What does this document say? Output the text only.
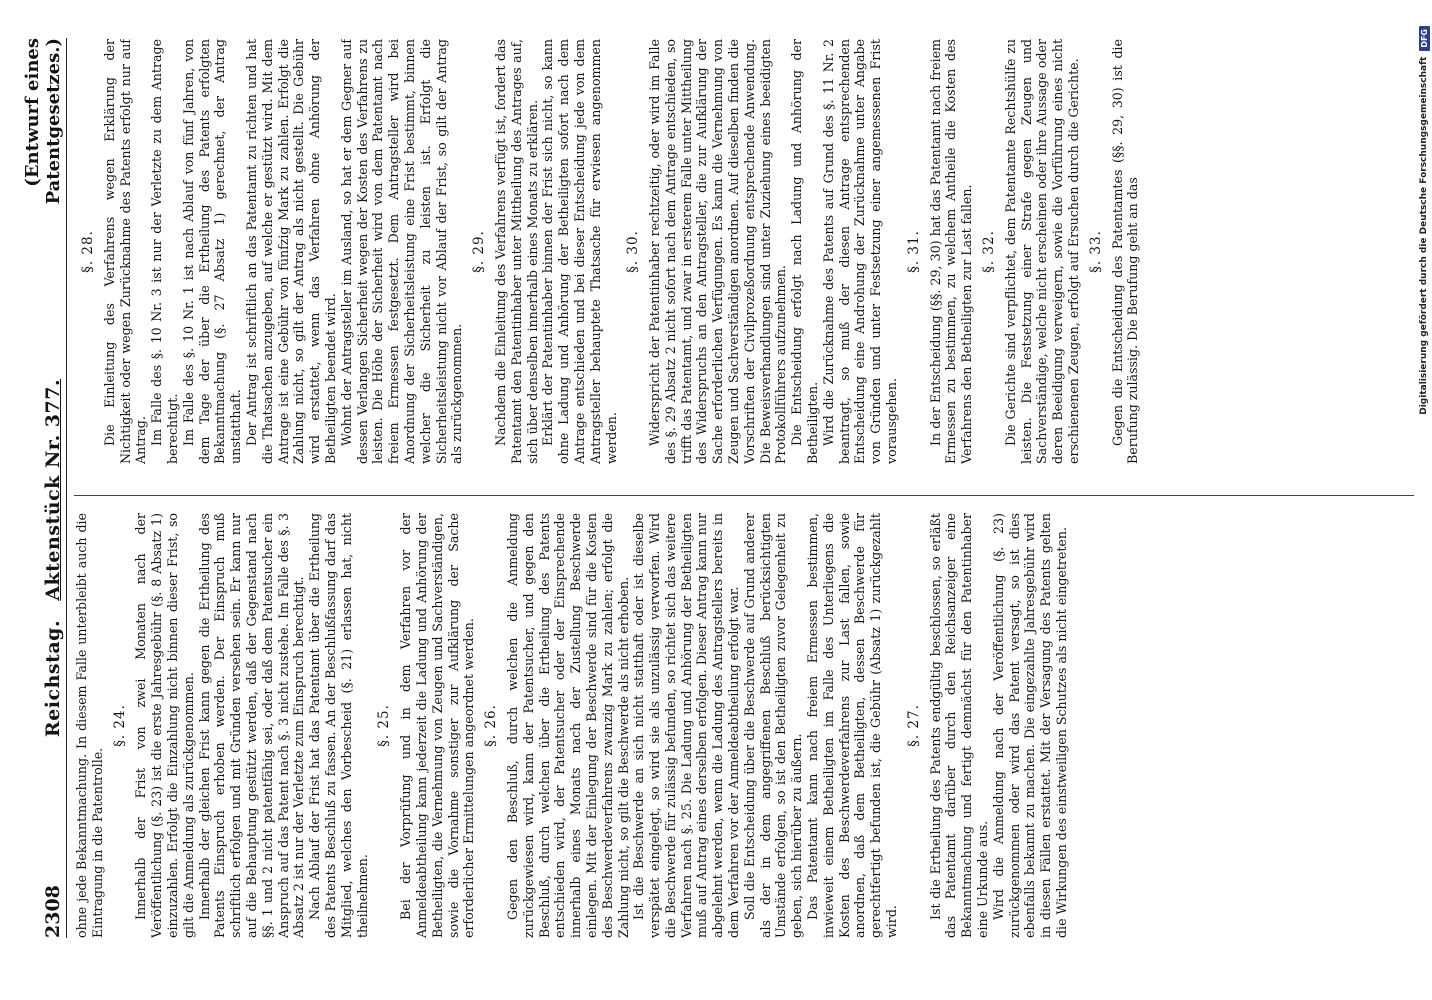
2308
Reichstag. Aktenstück Nr. 377.
(Entwurf eines Patentgesetzes.)

ohne jede Bekanntmachung. In diesem Falle unterbleibt auch die Eintragung in die Patentrolle.

§. 24. Innerhalb der Frist von zwei Monaten nach der Veröffentlichung (§. 23) ist die erste Jahresgebühr (§. 8 Absatz 1) einzuzahlen. Erfolgt die Einzahlung nicht binnen dieser Frist, so gilt die Anmeldung als zurückgenommen. Innerhalb der gleichen Frist kann gegen die Ertheilung des Patents Einspruch erhoben werden. Der Einspruch muß schriftlich erfolgen und mit Gründen versehen sein. Er kann nur auf die Behauptung gestützt werden, daß der Gegenstand nach §§. 1 und 2 nicht patentfähig sei, oder daß dem Patentsucher ein Anspruch auf das Patent nach §. 3 nicht zustehe. Im Falle des §. 3 Absatz 2 ist nur der Verletzte zum Einspruch berechtigt. Nach Ablauf der Frist hat das Patentamt über die Ertheilung des Patents Beschluß zu fassen. An der Beschlußfassung darf das Mitglied, welches den Vorbescheid (§. 21) erlassen hat, nicht theilnehmen.

§. 25. Bei der Vorprüfung und in dem Verfahren vor der Anmeldeabtheilung kann jederzeit die Ladung und Anhörung der Betheiligten, die Vernehmung von Zeugen und Sachverständigen, sowie die Vornahme sonstiger zur Aufklärung der Sache erforderlicher Ermittelungen angeordnet werden. §. 26. Gegen den Beschluß, durch welchen die Anmeldung zurückgewiesen wird, kann der Patentsucher, und gegen den Beschluß, durch welchen über die Ertheilung des Patents entschieden wird, der Patentsucher oder der Einsprechende innerhalb eines Monats nach der Zustellung Beschwerde einlegen. Mit der Einlegung der Beschwerde sind für die Kosten des Beschwerdeverfahrens zwanzig Mark zu zahlen; erfolgt die Zahlung nicht, so gilt die Beschwerde als nicht erhoben. Ist die Beschwerde an sich nicht statthaft oder ist dieselbe verspätet eingelegt, so wird sie als unzulässig verworfen. Wird die Beschwerde für zulässig befunden, so richtet sich das weitere Verfahren nach §. 25. Die Ladung und Anhörung der Betheiligten muß auf Antrag eines derselben erfolgen. Dieser Antrag kann nur abgelehnt werden, wenn die Ladung des Antragstellers bereits in dem Verfahren vor der Anmeldeabtheilung erfolgt war. Soll die Entscheidung über die Beschwerde auf Grund anderer als der in dem angegriffenen Beschluß berücksichtigten Umstände erfolgen, so ist den Betheiligten zuvor Gelegenheit zu geben, sich hierüber zu äußern. Das Patentamt kann nach freiem Ermessen bestimmen, inwieweit einem Betheiligten im Falle des Unterliegens die Kosten des Beschwerdeverfahrens zur Last fallen, sowie anordnen, daß dem Betheiligten, dessen Beschwerde für gerechtfertigt befunden ist, die Gebühr (Absatz 1) zurückgezahlt wird.

§. 27. Ist die Ertheilung des Patents endgültig beschlossen, so erläßt das Patentamt darüber durch den Reichsanzeiger eine Bekanntmachung und fertigt demnächst für den Patentinhaber eine Urkunde aus. Wird die Anmeldung nach der Veröffentlichung (§. 23) zurückgenommen oder wird das Patent versagt, so ist dies ebenfalls bekannt zu machen. Die eingezahlte Jahresgebühr wird in diesen Fällen erstattet. Mit der Versagung des Patents gelten die Wirkungen des einstweiligen Schutzes als nicht eingetreten.

§. 28. Die Einleitung des Verfahrens wegen Erklärung der Nichtigkeit oder wegen Zurücknahme des Patents erfolgt nur auf Antrag. Im Falle des §. 10 Nr. 3 ist nur der Verletzte zu dem Antrage berechtigt. Im Falle des §. 10 Nr. 1 ist nach Ablauf von fünf Jahren, von dem Tage der über die Ertheilung des Patents erfolgten Bekanntmachung (§. 27 Absatz 1) gerechnet, der Antrag unstatthaft. Der Antrag ist schriftlich an das Patentamt zu richten und hat die Thatsachen anzugeben, auf welche er gestützt wird. Mit dem Antrage ist eine Gebühr von fünfzig Mark zu zahlen. Erfolgt die Zahlung nicht, so gilt der Antrag als nicht gestellt. Die Gebühr wird erstattet, wenn das Verfahren ohne Anhörung der Betheiligten beendet wird. Wohnt der Antragsteller im Ausland, so hat er dem Gegner auf dessen Verlangen Sicherheit wegen der Kosten des Verfahrens zu leisten. Die Höhe der Sicherheit wird von dem Patentamt nach freiem Ermessen festgesetzt. Dem Antragsteller wird bei Anordnung der Sicherheitsleistung eine Frist bestimmt, binnen welcher die Sicherheit zu leisten ist. Erfolgt die Sicherheitsleistung nicht vor Ablauf der Frist, so gilt der Antrag als zurückgenommen.

§. 29. Nachdem die Einleitung des Verfahrens verfügt ist, fordert das Patentamt den Patentinhaber unter Mittheilung des Antrages auf, sich über denselben innerhalb eines Monats zu erklären. Erklärt der Patentinhaber binnen der Frist sich nicht, so kann ohne Ladung und Anhörung der Betheiligten sofort nach dem Antrage entschieden und bei dieser Entscheidung jede von dem Antragsteller behauptete Thatsache für erwiesen angenommen werden.

§. 30. Widerspricht der Patentinhaber rechtzeitig, oder wird im Falle des §. 29 Absatz 2 nicht sofort nach dem Antrage entschieden, so trifft das Patentamt, und zwar in ersterem Falle unter Mittheilung des Widerspruchs an den Antragsteller, die zur Aufklärung der Sache erforderlichen Verfügungen. Es kann die Vernehmung von Zeugen und Sachverständigen anordnen. Auf dieselben finden die Vorschriften der Civilprozeßordnung entsprechende Anwendung. Die Beweisverhandlungen sind unter Zuziehung eines beeidigten Protokollführers aufzunehmen. Die Entscheidung erfolgt nach Ladung und Anhörung der Betheiligten. Wird die Zurücknahme des Patents auf Grund des §. 11 Nr. 2 beantragt, so muß der diesen Antrage entsprechenden Entscheidung eine Androhung der Zurücknahme unter Angabe von Gründen und unter Festsetzung einer angemessenen Frist vorausgehen.

§. 31. In der Entscheidung (§§. 29, 30) hat das Patentamt nach freiem Ermessen zu bestimmen, zu welchem Antheile die Kosten des Verfahrens den Betheiligten zur Last fallen. §. 32. Die Gerichte sind verpflichtet, dem Patentamte Rechtshülfe zu leisten. Die Festsetzung einer Strafe gegen Zeugen und Sachverständige, welche nicht erscheinen oder ihre Aussage oder deren Beeidigung verweigern, sowie die Vorführung eines nicht erschienenen Zeugen, erfolgt auf Ersuchen durch die Gerichte. §. 33. Gegen die Entscheidung des Patentamtes (§§. 29, 30) ist die Berufung zulässig. Die Berufung geht an das	Digitalisierung gefördert durch die Deutsche Forschungsgemeinschaft
DFG
